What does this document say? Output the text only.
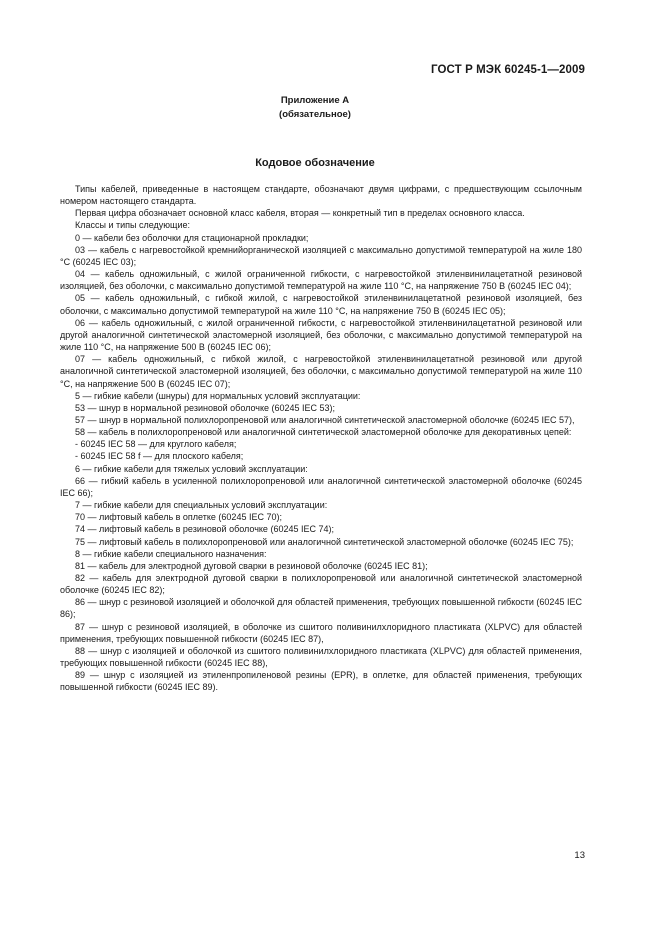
ГОСТ Р МЭК 60245-1—2009
Приложение А
(обязательное)
Кодовое обозначение

Типы кабелей, приведенные в настоящем стандарте, обозначают двумя цифрами, с предшествующим ссылочным номером настоящего стандарта.

Первая цифра обозначает основной класс кабеля, вторая — конкретный тип в пределах основного класса.

Классы и типы следующие:

0 — кабели без оболочки для стационарной прокладки;

03 — кабель с нагревостойкой кремнийорганической изоляцией с максимально допустимой температурой на жиле 180 °С (60245 IEC 03);

04 — кабель одножильный, с жилой ограниченной гибкости, с нагревостойкой этиленвинилацетатной резиновой изоляцией, без оболочки, с максимально допустимой температурой на жиле 110 °С, на напряжение 750 В (60245 IEC 04);

05 — кабель одножильный, с гибкой жилой, с нагревостойкой этиленвинилацетатной резиновой изоляцией, без оболочки, с максимально допустимой температурой на жиле 110 °С, на напряжение 750 В (60245 IEC 05);

06 — кабель одножильный, с жилой ограниченной гибкости, с нагревостойкой этиленвинилацетатной резиновой или другой аналогичной синтетической эластомерной изоляцией, без оболочки, с максимально допустимой температурой на жиле 110 °С, на напряжение 500 В (60245 IEC 06);

07 — кабель одножильный, с гибкой жилой, с нагревостойкой этиленвинилацетатной резиновой или другой аналогичной синтетической эластомерной изоляцией, без оболочки, с максимально допустимой температурой на жиле 110 °С, на напряжение 500 В (60245 IEC 07);

5 — гибкие кабели (шнуры) для нормальных условий эксплуатации:

53 — шнур в нормальной резиновой оболочке (60245 IEC 53);

57 — шнур в нормальной полихлоропреновой или аналогичной синтетической эластомерной оболочке (60245 IEC 57),

58 — кабель в полихлоропреновой или аналогичной синтетической эластомерной оболочке для декоративных цепей:

- 60245 IEC 58 — для круглого кабеля;

- 60245 IEC 58 f — для плоского кабеля;

6 — гибкие кабели для тяжелых условий эксплуатации:

66 — гибкий кабель в усиленной полихлоропреновой или аналогичной синтетической эластомерной оболочке (60245 IEC 66);

7 — гибкие кабели для специальных условий эксплуатации:

70 — лифтовый кабель в оплетке (60245 IEC 70);

74 — лифтовый кабель в резиновой оболочке (60245 IEC 74);

75 — лифтовый кабель в полихлоропреновой или аналогичной синтетической эластомерной оболочке (60245 IEC 75);

8 — гибкие кабели специального назначения:

81 — кабель для электродной дуговой сварки в резиновой оболочке (60245 IEC 81);

82 — кабель для электродной дуговой сварки в полихлоропреновой или аналогичной синтетической эластомерной оболочке (60245 IEC 82);

86 — шнур с резиновой изоляцией и оболочкой для областей применения, требующих повышенной гибкости (60245 IEC 86);

87 — шнур с резиновой изоляцией, в оболочке из сшитого поливинилхлоридного пластиката (XLPVC) для областей применения, требующих повышенной гибкости (60245 IEC 87),

88 — шнур с изоляцией и оболочкой из сшитого поливинилхлоридного пластиката (XLPVC) для областей применения, требующих повышенной гибкости (60245 IEC 88),

89 — шнур с изоляцией из этиленпропиленовой резины (EPR), в оплетке, для областей применения, требующих повышенной гибкости (60245 IEC 89).

13
